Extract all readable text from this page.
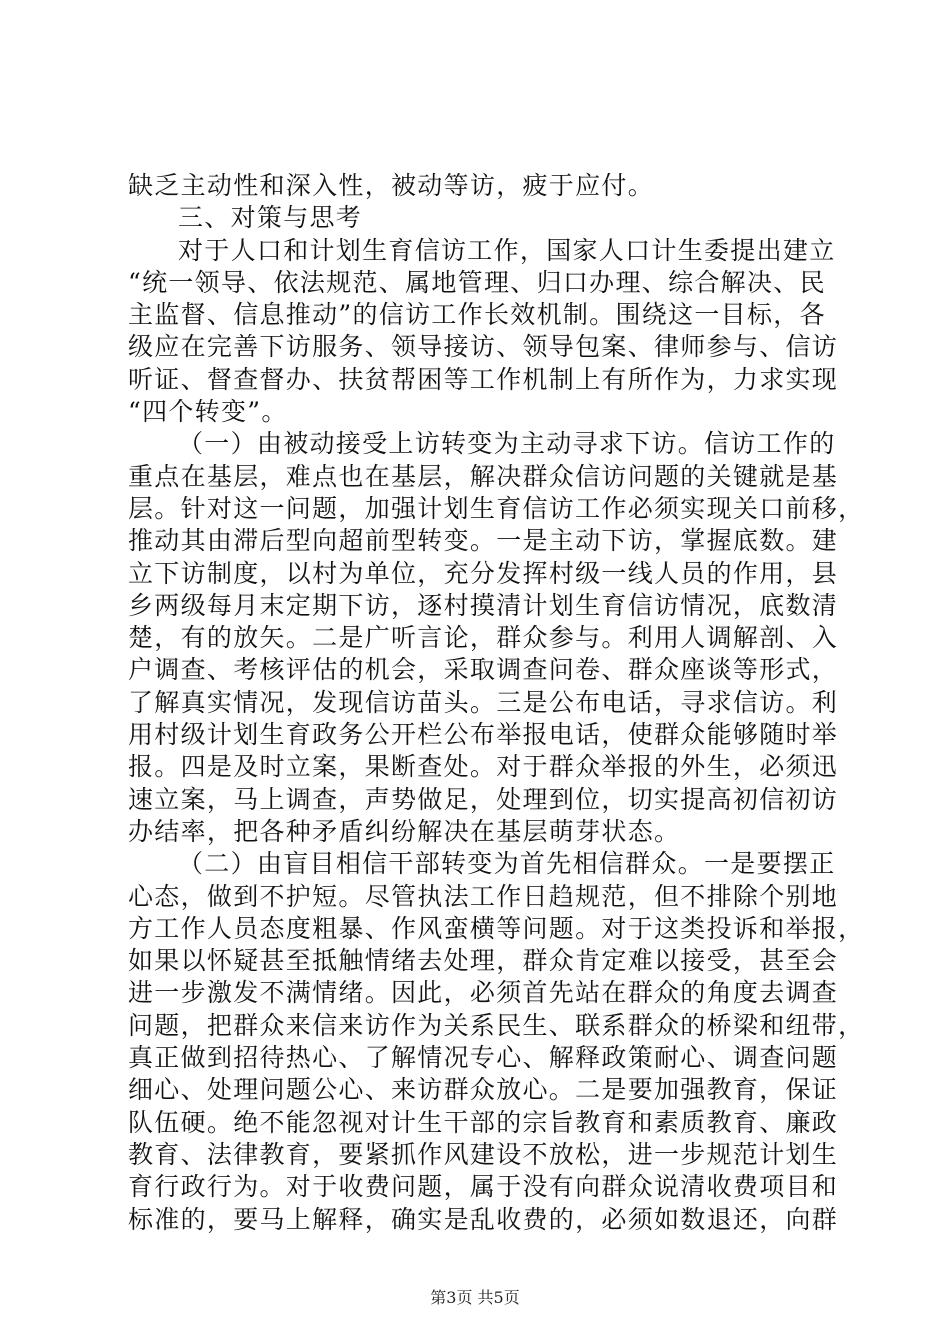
缺乏主动性和深入性，被动等访，疲于应付。
三、对策与思考
对于人口和计划生育信访工作，国家人口计生委提出建立
“统一领导、依法规范、属地管理、归口办理、综合解决、民
主监督、信息推动”的信访工作长效机制。围绕这一目标，各
级应在完善下访服务、领导接访、领导包案、律师参与、信访
听证、督查督办、扶贫帮困等工作机制上有所作为，力求实现
“四个转变”。
（一）由被动接受上访转变为主动寻求下访。信访工作的
重点在基层，难点也在基层，解决群众信访问题的关键就是基
层。针对这一问题，加强计划生育信访工作必须实现关口前移，
推动其由滞后型向超前型转变。一是主动下访，掌握底数。建
立下访制度，以村为单位，充分发挥村级一线人员的作用，县
乡两级每月末定期下访，逐村摸清计划生育信访情况，底数清
楚，有的放矢。二是广听言论，群众参与。利用人调解剖、入
户调查、考核评估的机会，采取调查问卷、群众座谈等形式，
了解真实情况，发现信访苗头。三是公布电话，寻求信访。利
用村级计划生育政务公开栏公布举报电话，使群众能够随时举
报。四是及时立案，果断查处。对于群众举报的外生，必须迅
速立案，马上调查，声势做足，处理到位，切实提高初信初访
办结率，把各种矛盾纠纷解决在基层萌芽状态。
（二）由盲目相信干部转变为首先相信群众。一是要摆正
心态，做到不护短。尽管执法工作日趋规范，但不排除个别地
方工作人员态度粗暴、作风蛮横等问题。对于这类投诉和举报，
如果以怀疑甚至抵触情绪去处理，群众肯定难以接受，甚至会
进一步激发不满情绪。因此，必须首先站在群众的角度去调查
问题，把群众来信来访作为关系民生、联系群众的桥梁和纽带，
真正做到招待热心、了解情况专心、解释政策耐心、调查问题
细心、处理问题公心、来访群众放心。二是要加强教育，保证
队伍硬。绝不能忽视对计生干部的宗旨教育和素质教育、廉政
教育、法律教育，要紧抓作风建设不放松，进一步规范计划生
育行政行为。对于收费问题，属于没有向群众说清收费项目和
标准的，要马上解释，确实是乱收费的，必须如数退还，向群
第3页 共5页
